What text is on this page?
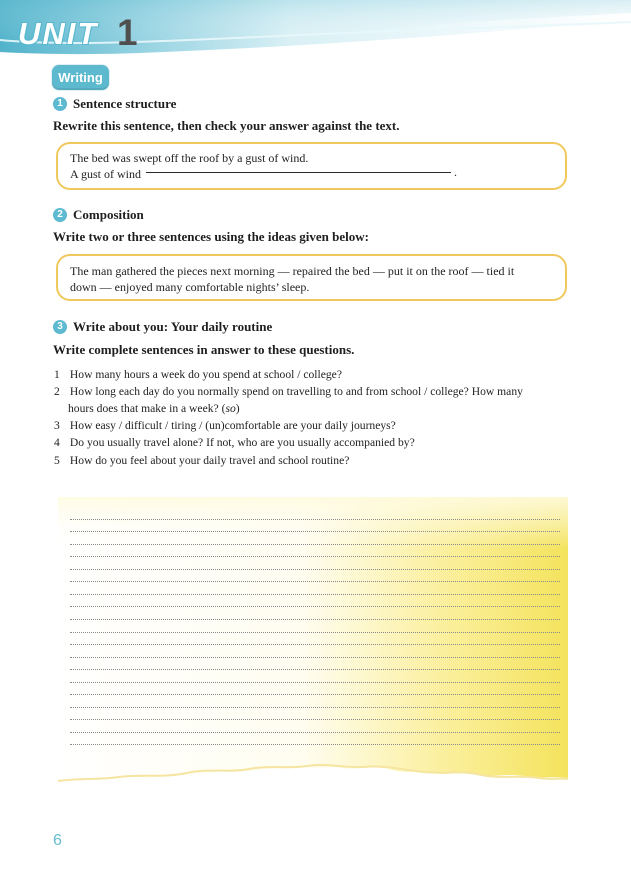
UNIT 1
Writing
1 Sentence structure
Rewrite this sentence, then check your answer against the text.
The bed was swept off the roof by a gust of wind.
A gust of wind	.
2 Composition
Write two or three sentences using the ideas given below:
The man gathered the pieces next morning — repaired the bed — put it on the roof — tied it
down — enjoyed many comfortable nights’ sleep.
3 Write about you: Your daily routine
Write complete sentences in answer to these questions.
1 How many hours a week do you spend at school / college?
2 How long each day do you normally spend on travelling to and from school / college? How many
hours does that make in a week? (so)
3 How easy / difficult / tiring / (un)comfortable are your daily journeys?
4 Do you usually travel alone? If not, who are you usually accompanied by?
5 How do you feel about your daily travel and school routine?
6
